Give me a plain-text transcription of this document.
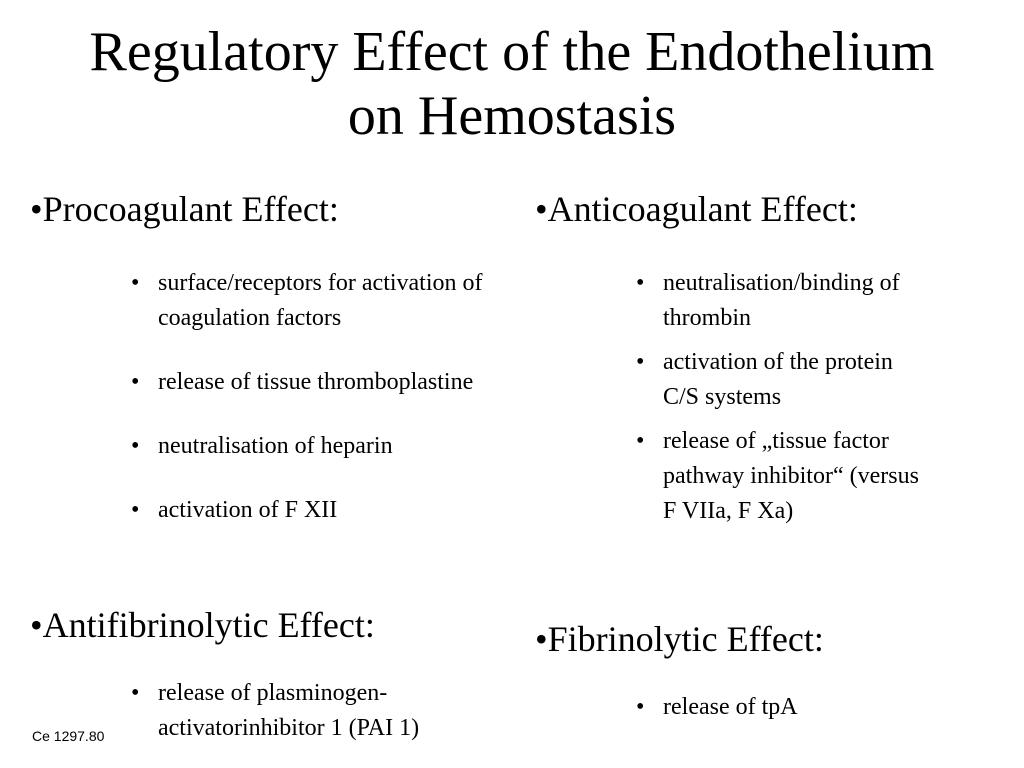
Regulatory Effect of the Endothelium
on Hemostasis
•Procoagulant Effect:
• surface/receptors for activation of coagulation factors
• release of tissue thromboplastine
• neutralisation of heparin
• activation of F XII
•Anticoagulant Effect:
• neutralisation/binding of thrombin
• activation of the protein C/S systems
• release of „tissue factor pathway inhibitor“ (versus F VIIa, F Xa)
•Antifibrinolytic Effect:
• release of plasminogen-activatorinhibitor 1 (PAI 1)
•Fibrinolytic Effect:
• release of tpA
Ce 1297.80
